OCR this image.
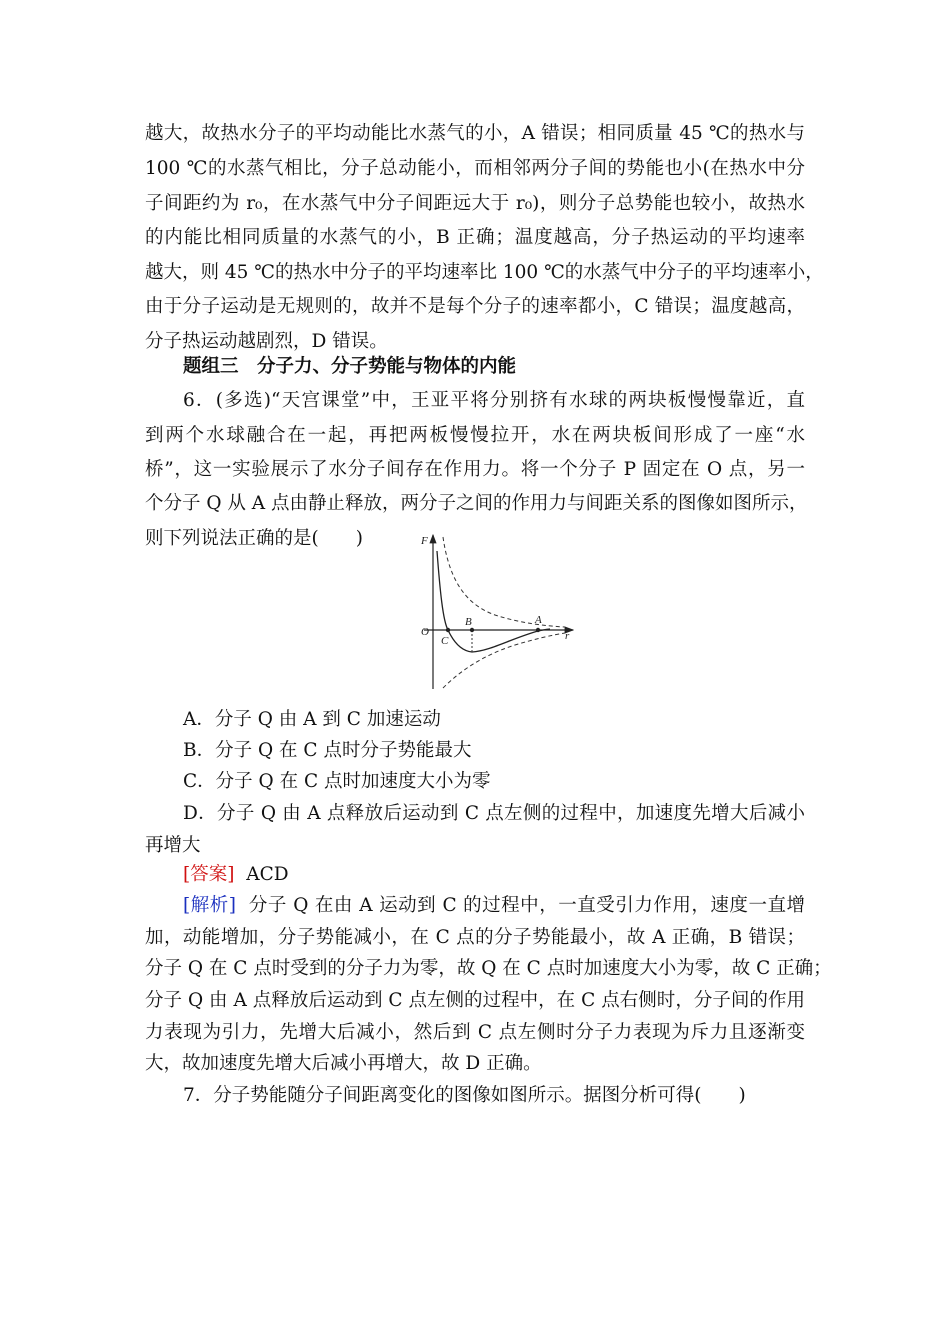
越大，故热水分子的平均动能比水蒸气的小，A 错误；相同质量 45 ℃的热水与
100 ℃的水蒸气相比，分子总动能小，而相邻两分子间的势能也小(在热水中分
子间距约为 r₀，在水蒸气中分子间距远大于 r₀)，则分子总势能也较小，故热水
的内能比相同质量的水蒸气的小，B 正确；温度越高，分子热运动的平均速率
越大，则 45 ℃的热水中分子的平均速率比 100 ℃的水蒸气中分子的平均速率小，
由于分子运动是无规则的，故并不是每个分子的速率都小，C 错误；温度越高，
分子热运动越剧烈，D 错误。
题组三　分子力、分子势能与物体的内能
6．(多选)“天宫课堂”中，王亚平将分别挤有水球的两块板慢慢靠近，直
到两个水球融合在一起，再把两板慢慢拉开，水在两块板间形成了一座“水
桥”，这一实验展示了水分子间存在作用力。将一个分子 P 固定在 O 点，另一
个分子 Q 从 A 点由静止释放，两分子之间的作用力与间距关系的图像如图所示，
则下列说法正确的是(　　)	F
r
O
C
B	A
A．分子 Q 由 A 到 C 加速运动
B．分子 Q 在 C 点时分子势能最大
C．分子 Q 在 C 点时加速度大小为零
D．分子 Q 由 A 点释放后运动到 C 点左侧的过程中，加速度先增大后减小
再增大
[答案] ACD
[解析] 分子 Q 在由 A 运动到 C 的过程中，一直受引力作用，速度一直增
加，动能增加，分子势能减小，在 C 点的分子势能最小，故 A 正确，B 错误；
分子 Q 在 C 点时受到的分子力为零，故 Q 在 C 点时加速度大小为零，故 C 正确；
分子 Q 由 A 点释放后运动到 C 点左侧的过程中，在 C 点右侧时，分子间的作用
力表现为引力，先增大后减小，然后到 C 点左侧时分子力表现为斥力且逐渐变
大，故加速度先增大后减小再增大，故 D 正确。
7．分子势能随分子间距离变化的图像如图所示。据图分析可得(　　)
